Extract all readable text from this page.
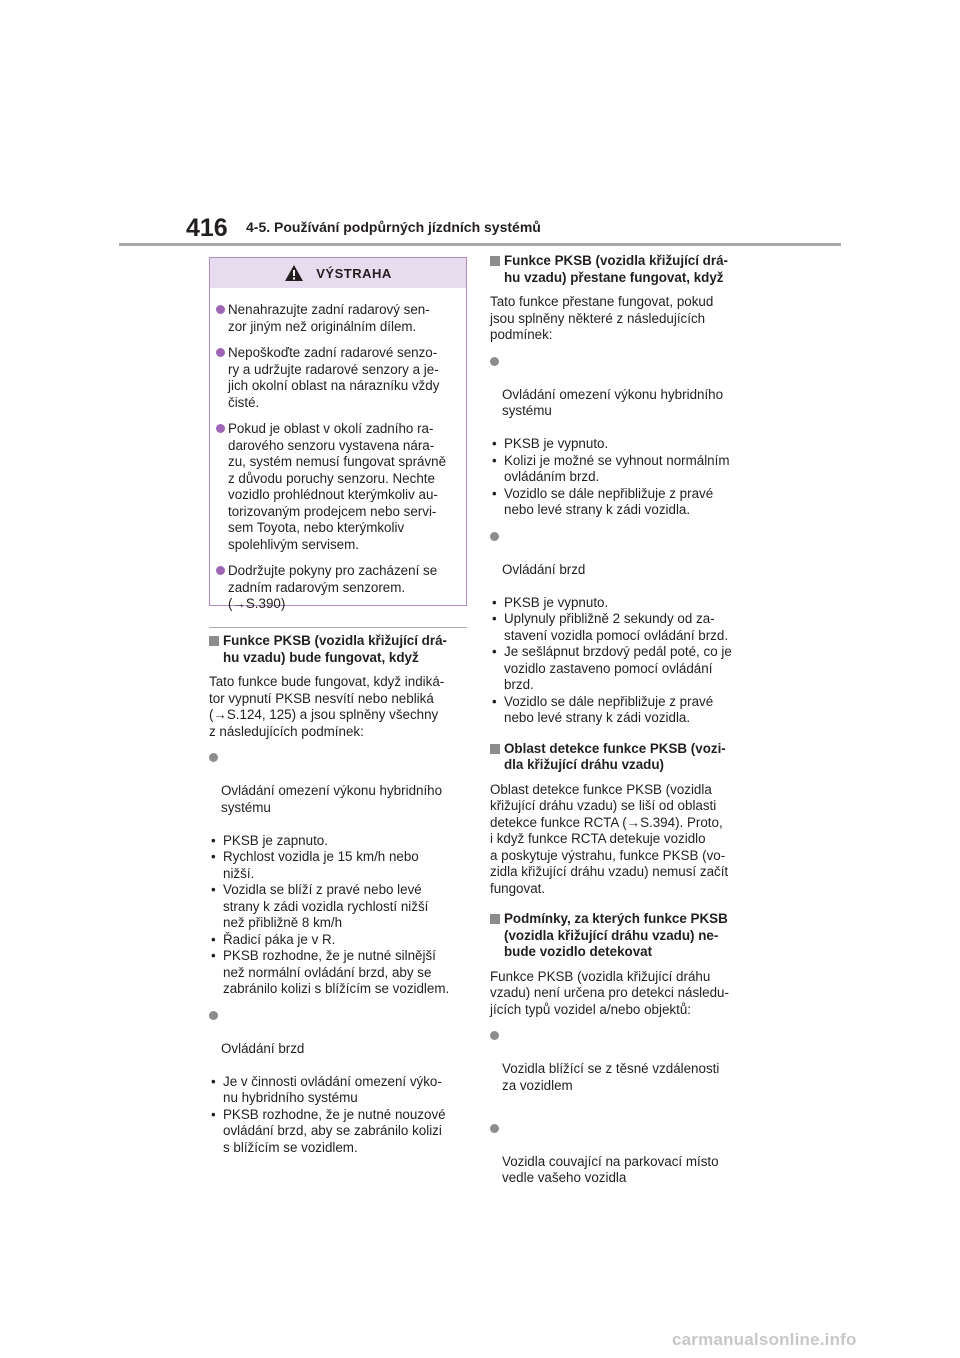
416 4-5. Používání podpůrných jízdních systémů
VÝSTRAHA
Nenahrazujte zadní radarový sen-
zor jiným než originálním dílem.
Nepoškoďte zadní radarové senzo-
ry a udržujte radarové senzory a je-
jich okolní oblast na nárazníku vždy
čisté.
Pokud je oblast v okolí zadního ra-
darového senzoru vystavena nára-
zu, systém nemusí fungovat správně
z důvodu poruchy senzoru. Nechte
vozidlo prohlédnout kterýmkoliv au-
torizovaným prodejcem nebo servi-
sem Toyota, nebo kterýmkoliv
spolehlivým servisem.
Dodržujte pokyny pro zacházení se
zadním radarovým senzorem.
(→S.390)
Funkce PKSB (vozidla křižující drá-
hu vzadu) bude fungovat, když
Tato funkce bude fungovat, když indiká-
tor vypnutí PKSB nesvítí nebo nebliká
(→S.124, 125) a jsou splněny všechny
z následujících podmínek:

Ovládání omezení výkonu hybridního
systému

• PKSB je zapnuto.
• Rychlost vozidla je 15 km/h nebo
nižší.
• Vozidla se blíží z pravé nebo levé
strany k zádi vozidla rychlostí nižší
než přibližně 8 km/h
• Řadicí páka je v R.
• PKSB rozhodne, že je nutné silnější
než normální ovládání brzd, aby se
zabránilo kolizi s blížícím se vozidlem.

Ovládání brzd

• Je v činnosti ovládání omezení výko-
nu hybridního systému
• PKSB rozhodne, že je nutné nouzové
ovládání brzd, aby se zabránilo kolizi
s blížícím se vozidlem.
Funkce PKSB (vozidla křižující drá-
hu vzadu) přestane fungovat, když
Tato funkce přestane fungovat, pokud
jsou splněny některé z následujících
podmínek:

Ovládání omezení výkonu hybridního
systému

• PKSB je vypnuto.
• Kolizi je možné se vyhnout normálním
ovládáním brzd.
• Vozidlo se dále nepřibližuje z pravé
nebo levé strany k zádi vozidla.

Ovládání brzd

• PKSB je vypnuto.
• Uplynuly přibližně 2 sekundy od za-
stavení vozidla pomocí ovládání brzd.
• Je sešlápnut brzdový pedál poté, co je
vozidlo zastaveno pomocí ovládání
brzd.
• Vozidlo se dále nepřibližuje z pravé
nebo levé strany k zádi vozidla.
Oblast detekce funkce PKSB (vozi-
dla křižující dráhu vzadu)
Oblast detekce funkce PKSB (vozidla
křižující dráhu vzadu) se liší od oblasti
detekce funkce RCTA (→S.394). Proto,
i když funkce RCTA detekuje vozidlo
a poskytuje výstrahu, funkce PKSB (vo-
zidla křižující dráhu vzadu) nemusí začít
fungovat.
Podmínky, za kterých funkce PKSB
(vozidla křižující dráhu vzadu) ne-
bude vozidlo detekovat
Funkce PKSB (vozidla křižující dráhu
vzadu) není určena pro detekci následu-
jících typů vozidel a/nebo objektů:

Vozidla blížící se z těsné vzdálenosti
za vozidlem

Vozidla couvající na parkovací místo
vedle vašeho vozidla

carmanualsonline.info
